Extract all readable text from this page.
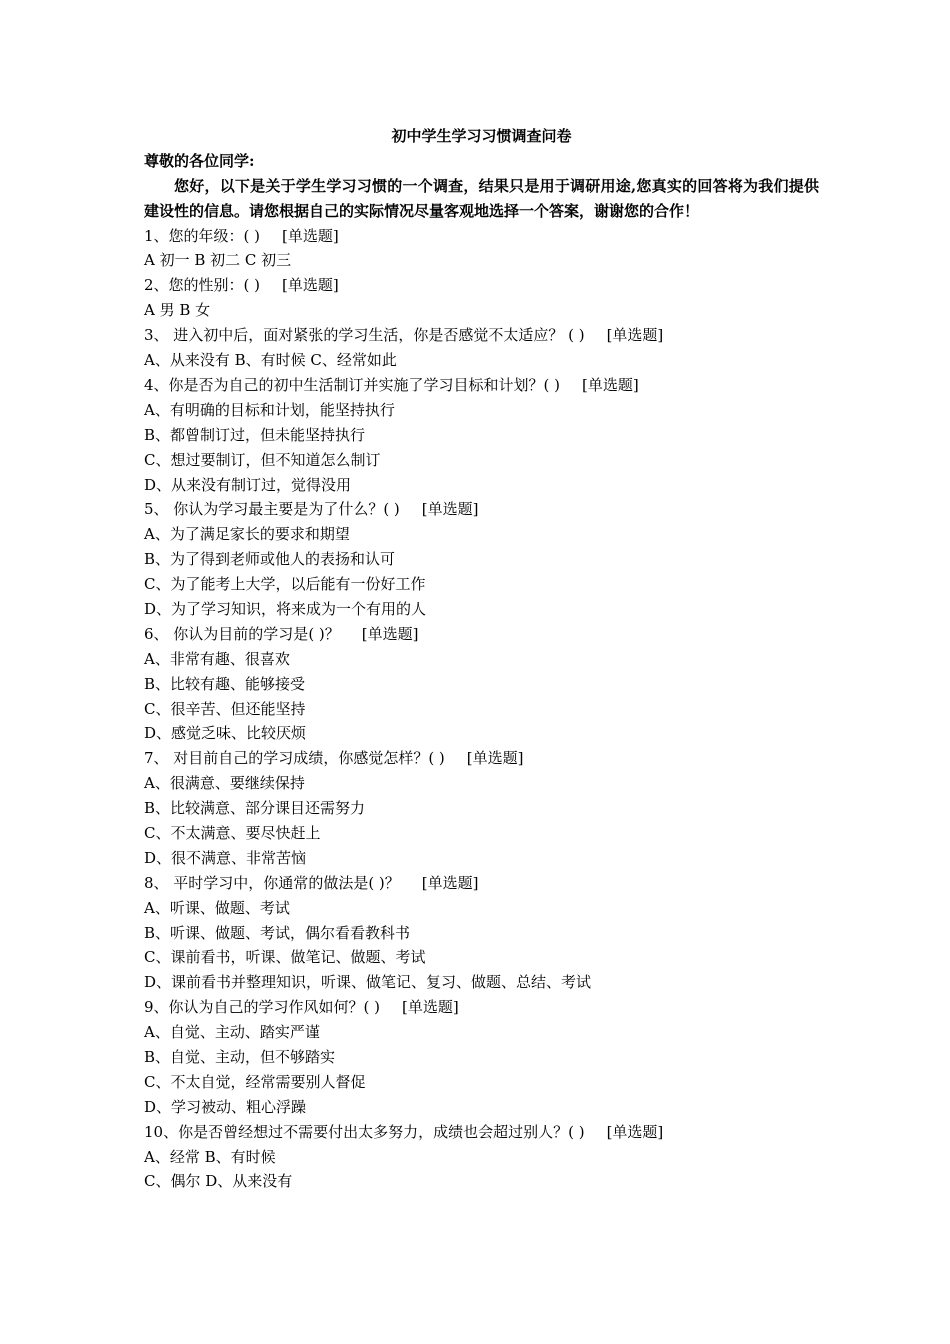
初中学生学习习惯调查问卷
尊敬的各位同学:
您好，以下是关于学生学习习惯的一个调查，结果只是用于调研用途,您真实的回答将为我们提供建设性的信息。请您根据自己的实际情况尽量客观地选择一个答案，谢谢您的合作！
1、您的年级：( ) [单选题]
A 初一 B 初二 C 初三
2、您的性别：( ) [单选题]
A 男 B 女
3、 进入初中后，面对紧张的学习生活，你是否感觉不太适应？ ( ) [单选题]
A、从来没有 B、有时候 C、经常如此
4、你是否为自己的初中生活制订并实施了学习目标和计划？( ) [单选题]
A、有明确的目标和计划，能坚持执行
B、都曾制订过，但未能坚持执行
C、想过要制订，但不知道怎么制订
D、从来没有制订过，觉得没用
5、 你认为学习最主要是为了什么？( ) [单选题]
A、为了满足家长的要求和期望
B、为了得到老师或他人的表扬和认可
C、为了能考上大学，以后能有一份好工作
D、为了学习知识，将来成为一个有用的人
6、 你认为目前的学习是( )？ [单选题]
A、非常有趣、很喜欢
B、比较有趣、能够接受
C、很辛苦、但还能坚持
D、感觉乏味、比较厌烦
7、 对目前自己的学习成绩，你感觉怎样？( ) [单选题]
A、很满意、要继续保持
B、比较满意、部分课目还需努力
C、不太满意、要尽快赶上
D、很不满意、非常苦恼
8、 平时学习中，你通常的做法是( )？ [单选题]
A、听课、做题、考试
B、听课、做题、考试，偶尔看看教科书
C、课前看书，听课、做笔记、做题、考试
D、课前看书并整理知识，听课、做笔记、复习、做题、总结、考试
9、你认为自己的学习作风如何？( ) [单选题]
A、自觉、主动、踏实严谨
B、自觉、主动，但不够踏实
C、不太自觉，经常需要别人督促
D、学习被动、粗心浮躁
10、你是否曾经想过不需要付出太多努力，成绩也会超过别人？( ) [单选题]
A、经常 B、有时候
C、偶尔 D、从来没有
